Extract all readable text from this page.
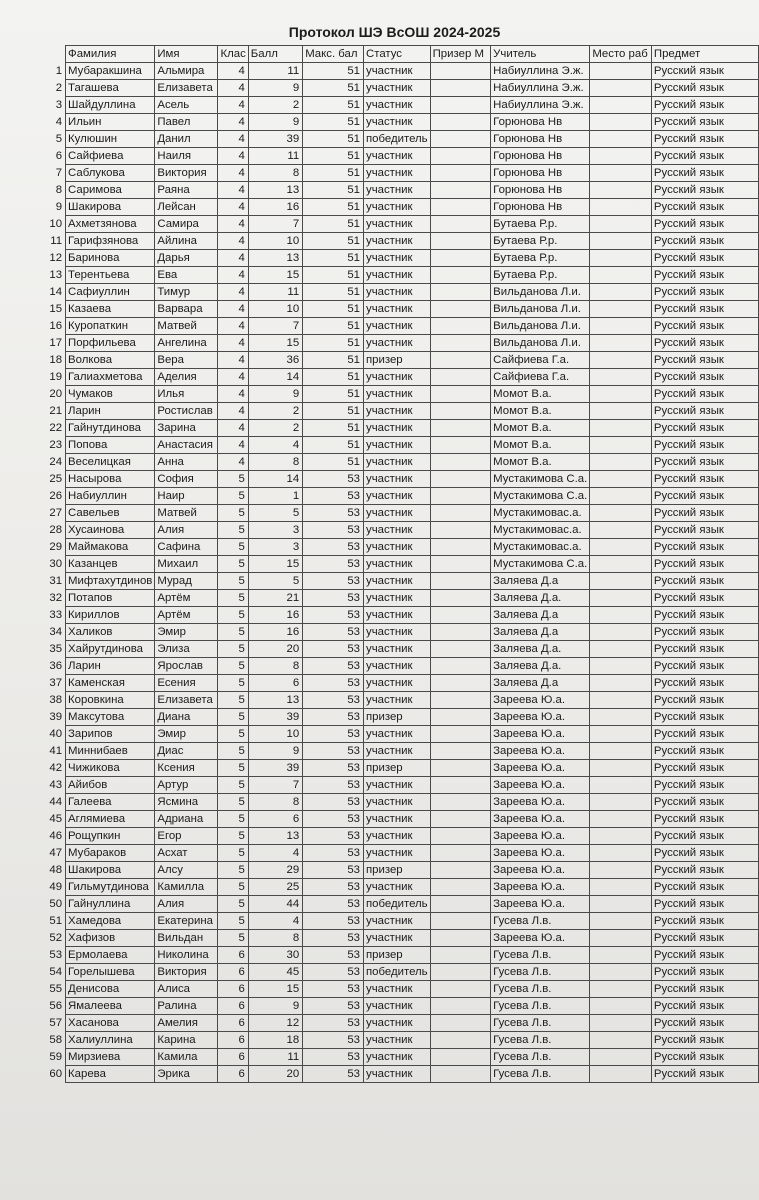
Протокол ШЭ ВсОШ 2024-2025
	Фамилия	Имя	Клас	Балл	Макс. бал	Статус	Призер М	Учитель	Место раб	Предмет
1	Мубаракшина	Альмира	4	11	51	участник		Набиуллина Э.ж.		Русский язык
2	Тагашева	Елизавета	4	9	51	участник		Набиуллина Э.ж.		Русский язык
3	Шайдуллина	Асель	4	2	51	участник		Набиуллина Э.ж.		Русский язык
4	Ильин	Павел	4	9	51	участник		Горюнова Нв		Русский язык
5	Кулюшин	Данил	4	39	51	победитель		Горюнова Нв		Русский язык
6	Сайфиева	Наиля	4	11	51	участник		Горюнова Нв		Русский язык
7	Саблукова	Виктория	4	8	51	участник		Горюнова Нв		Русский язык
8	Саримова	Раяна	4	13	51	участник		Горюнова Нв		Русский язык
9	Шакирова	Лейсан	4	16	51	участник		Горюнова Нв		Русский язык
10	Ахметзянова	Самира	4	7	51	участник		Бутаева Р.р.		Русский язык
11	Гарифзянова	Айлина	4	10	51	участник		Бутаева Р.р.		Русский язык
12	Баринова	Дарья	4	13	51	участник		Бутаева Р.р.		Русский язык
13	Терентьева	Ева	4	15	51	участник		Бутаева Р.р.		Русский язык
14	Сафиуллин	Тимур	4	11	51	участник		Вильданова Л.и.		Русский язык
15	Казаева	Варвара	4	10	51	участник		Вильданова Л.и.		Русский язык
16	Куропаткин	Матвей	4	7	51	участник		Вильданова Л.и.		Русский язык
17	Порфильева	Ангелина	4	15	51	участник		Вильданова Л.и.		Русский язык
18	Волкова	Вера	4	36	51	призер		Сайфиева Г.а.		Русский язык
19	Галиахметова	Аделия	4	14	51	участник		Сайфиева Г.а.		Русский язык
20	Чумаков	Илья	4	9	51	участник		Момот В.а.		Русский язык
21	Ларин	Ростислав	4	2	51	участник		Момот В.а.		Русский язык
22	Гайнутдинова	Зарина	4	2	51	участник		Момот В.а.		Русский язык
23	Попова	Анастасия	4	4	51	участник		Момот В.а.		Русский язык
24	Веселицкая	Анна	4	8	51	участник		Момот В.а.		Русский язык
25	Насырова	София	5	14	53	участник		Мустакимова С.а.		Русский язык
26	Набиуллин	Наир	5	1	53	участник		Мустакимова С.а.		Русский язык
27	Савельев	Матвей	5	5	53	участник		Мустакимовас.а.		Русский язык
28	Хусаинова	Алия	5	3	53	участник		Мустакимовас.а.		Русский язык
29	Маймакова	Сафина	5	3	53	участник		Мустакимовас.а.		Русский язык
30	Казанцев	Михаил	5	15	53	участник		Мустакимова С.а.		Русский язык
31	Мифтахутдинов	Мурад	5	5	53	участник		Заляева Д.а		Русский язык
32	Потапов	Артём	5	21	53	участник		Заляева Д.а.		Русский язык
33	Кириллов	Артём	5	16	53	участник		Заляева Д.а		Русский язык
34	Халиков	Эмир	5	16	53	участник		Заляева Д.а		Русский язык
35	Хайрутдинова	Элиза	5	20	53	участник		Заляева Д.а.		Русский язык
36	Ларин	Ярослав	5	8	53	участник		Заляева Д.а.		Русский язык
37	Каменская	Есения	5	6	53	участник		Заляева Д.а		Русский язык
38	Коровкина	Елизавета	5	13	53	участник		Зареева Ю.а.		Русский язык
39	Максутова	Диана	5	39	53	призер		Зареева Ю.а.		Русский язык
40	Зарипов	Эмир	5	10	53	участник		Зареева Ю.а.		Русский язык
41	Миннибаев	Диас	5	9	53	участник		Зареева Ю.а.		Русский язык
42	Чижикова	Ксения	5	39	53	призер		Зареева Ю.а.		Русский язык
43	Айибов	Артур	5	7	53	участник		Зареева Ю.а.		Русский язык
44	Галеева	Ясмина	5	8	53	участник		Зареева Ю.а.		Русский язык
45	Аглямиева	Адриана	5	6	53	участник		Зареева Ю.а.		Русский язык
46	Рощупкин	Егор	5	13	53	участник		Зареева Ю.а.		Русский язык
47	Мубараков	Асхат	5	4	53	участник		Зареева Ю.а.		Русский язык
48	Шакирова	Алсу	5	29	53	призер		Зареева Ю.а.		Русский язык
49	Гильмутдинова	Камилла	5	25	53	участник		Зареева Ю.а.		Русский язык
50	Гайнуллина	Алия	5	44	53	победитель		Зареева Ю.а.		Русский язык
51	Хамедова	Екатерина	5	4	53	участник		Гусева Л.в.		Русский язык
52	Хафизов	Вильдан	5	8	53	участник		Зареева Ю.а.		Русский язык
53	Ермолаева	Николина	6	30	53	призер		Гусева Л.в.		Русский язык
54	Горелышева	Виктория	6	45	53	победитель		Гусева Л.в.		Русский язык
55	Денисова	Алиса	6	15	53	участник		Гусева Л.в.		Русский язык
56	Ямалеева	Ралина	6	9	53	участник		Гусева Л.в.		Русский язык
57	Хасанова	Амелия	6	12	53	участник		Гусева Л.в.		Русский язык
58	Халиуллина	Карина	6	18	53	участник		Гусева Л.в.		Русский язык
59	Мирзиева	Камила	6	11	53	участник		Гусева Л.в.		Русский язык
60	Карева	Эрика	6	20	53	участник		Гусева Л.в.		Русский язык
